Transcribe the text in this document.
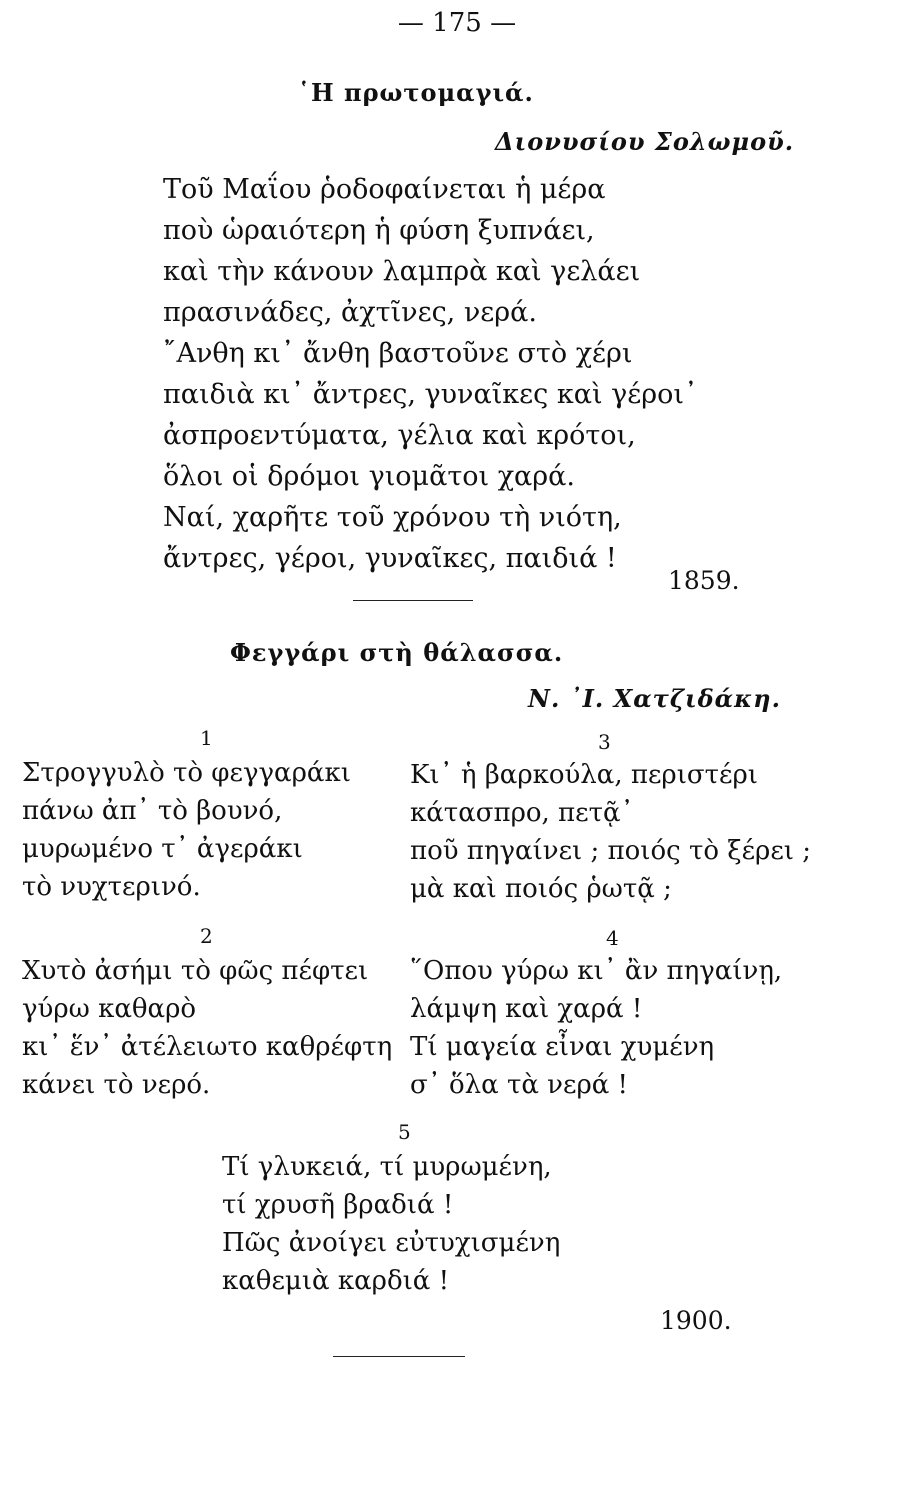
— 175 —
῾Η πρωτομαγιά.
Διονυσίου Σολωμοῦ.
Τοῦ Μαΐου ῥοδοφαίνεται ἡ μέρα
ποὺ ὡραιότερη ἡ φύση ξυπνάει,
καὶ τὴν κάνουν λαμπρὰ καὶ γελάει
πρασινάδες, ἀχτῖνες, νερά.
῎Ανθη κι᾿ ἄνθη βαστοῦνε στὸ χέρι
παιδιὰ κι᾿ ἄντρες, γυναῖκες καὶ γέροι᾿
ἀσπροεντύματα, γέλια καὶ κρότοι,
ὅλοι οἱ δρόμοι γιομᾶτοι χαρά.
Ναί, χαρῆτε τοῦ χρόνου τὴ νιότη,
ἄντρες, γέροι, γυναῖκες, παιδιά !
1859.
Φεγγάρι στὴ θάλασσα.
Ν. ᾿Ι. Χατζιδάκη.
1
Στρογγυλὸ τὸ φεγγαράκι
πάνω ἀπ᾿ τὸ βουνό,
μυρωμένο τ᾿ ἀγεράκι
τὸ νυχτερινό.
3
Κι᾿ ἡ βαρκούλα, περιστέρι
κάτασπρο, πετᾷ᾿
ποῦ πηγαίνει ; ποιός τὸ ξέρει ;
μὰ καὶ ποιός ῥωτᾷ ;
2
Χυτὸ ἀσήμι τὸ φῶς πέφτει
γύρω καθαρὸ
κι᾿ ἕν᾿ ἀτέλειωτο καθρέφτη
κάνει τὸ νερό.
4
῞Οπου γύρω κι᾿ ἂν πηγαίνῃ,
λάμψη καὶ χαρά !
Τί μαγεία εἶναι χυμένη
σ᾿ ὅλα τὰ νερά !
5
Τί γλυκειά, τί μυρωμένη,
τί χρυσῆ βραδιά !
Πῶς ἀνοίγει εὐτυχισμένη
καθεμιὰ καρδιά !
1900.
